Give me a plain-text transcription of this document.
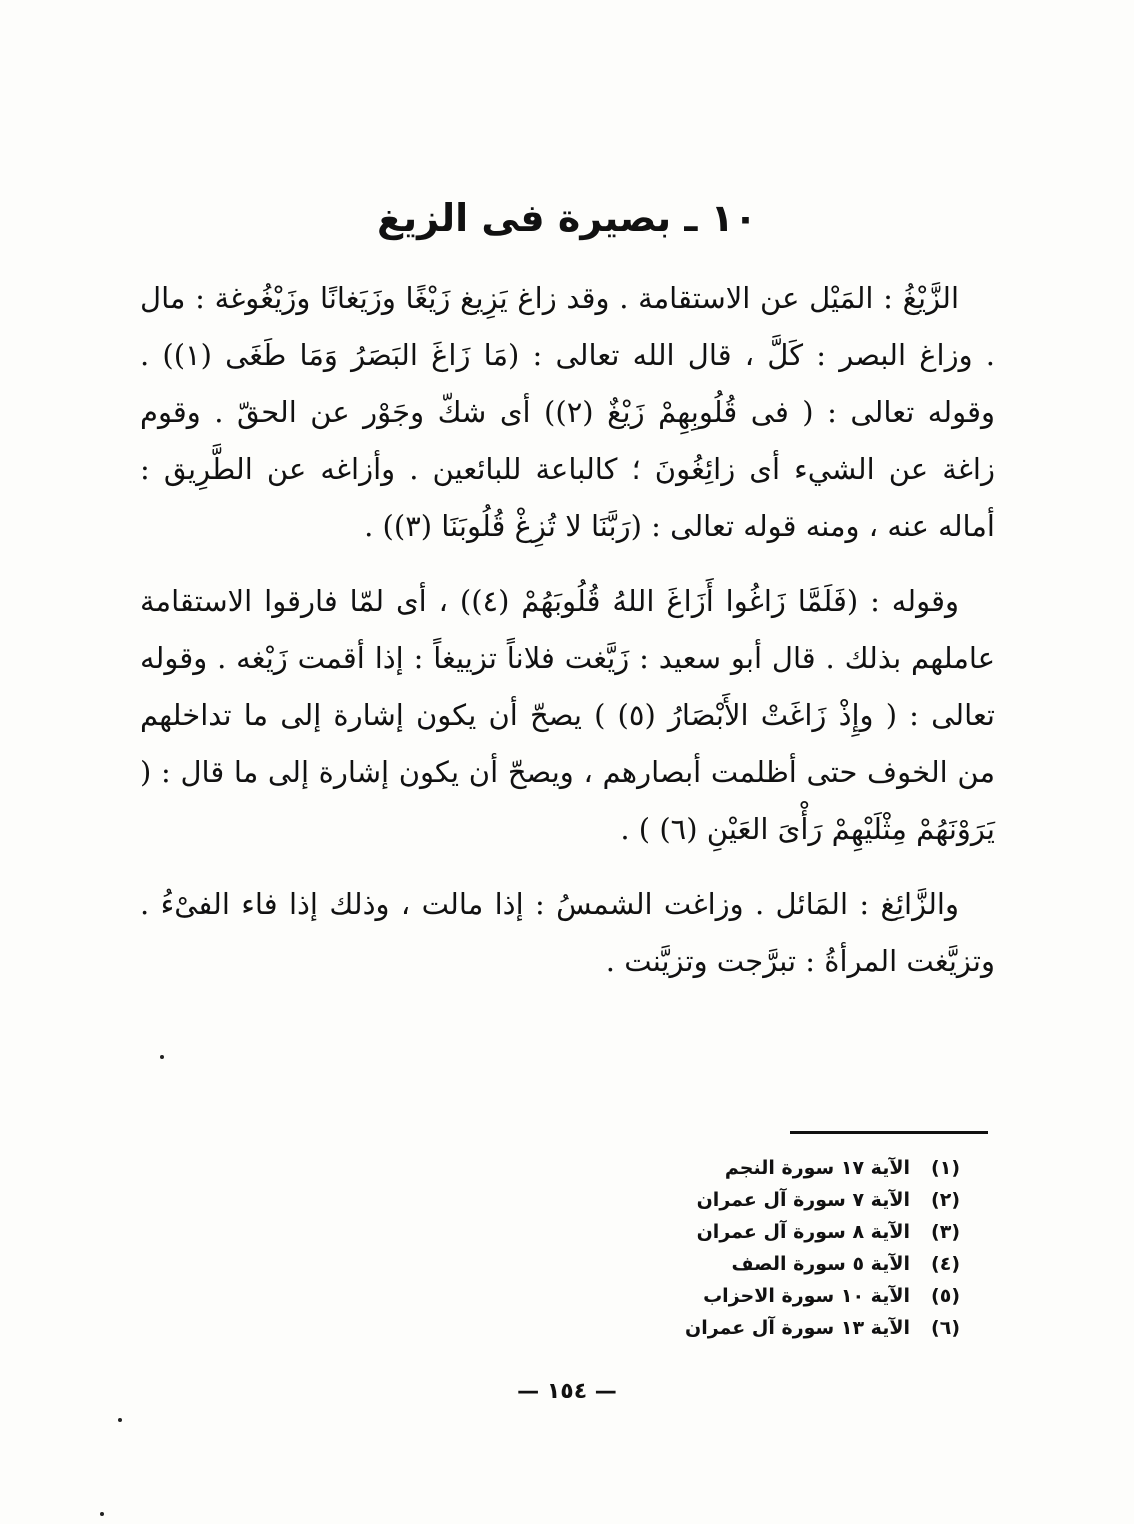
١٠ ـ بصيرة فى الزيغ

الزَّيْغُ : المَيْل عن الاستقامة . وقد زاغ يَزِيغ زَيْغًا وزَيَغانًا وزَيْغُوغة : مال . وزاغ البصر : كَلَّ ، قال الله تعالى : (مَا زَاغَ البَصَرُ وَمَا طَغَى (١)) . وقوله تعالى : ( فى قُلُوبِهِمْ زَيْغٌ (٢)) أى شكّ وجَوْر عن الحقّ . وقوم زاغة عن الشيء أى زائِغُونَ ؛ كالباعة للبائعين . وأزاغه عن الطَّرِيق : أماله عنه ، ومنه قوله تعالى : (رَبَّنَا لا تُزِغْ قُلُوبَنَا (٣)) .

وقوله : (فَلَمَّا زَاغُوا أَزَاغَ اللهُ قُلُوبَهُمْ (٤)) ، أى لمّا فارقوا الاستقامة عاملهم بذلك . قال أبو سعيد : زَيَّغت فلاناً تزييغاً : إذا أقمت زَيْغه . وقوله تعالى : ( وإِذْ زَاغَتْ الأَبْصَارُ (٥) ) يصحّ أن يكون إشارة إلى ما تداخلهم من الخوف حتى أظلمت أبصارهم ، ويصحّ أن يكون إشارة إلى ما قال : ( يَرَوْنَهُمْ مِثْلَيْهِمْ رَأْىَ العَيْنِ (٦) ) .

والزَّائِغ : المَائل . وزاغت الشمسُ : إذا مالت ، وذلك إذا فاء الفىْءُ . وتزيَّغت المرأةُ : تبرَّجت وتزيَّنت .

(١)
الآية ١٧ سورة النجم
(٢)
الآية ٧ سورة آل عمران
(٣)
الآية ٨ سورة آل عمران
(٤)
الآية ٥ سورة الصف
(٥)
الآية ١٠ سورة الاحزاب
(٦)
الآية ١٣ سورة آل عمران
— ١٥٤ —
